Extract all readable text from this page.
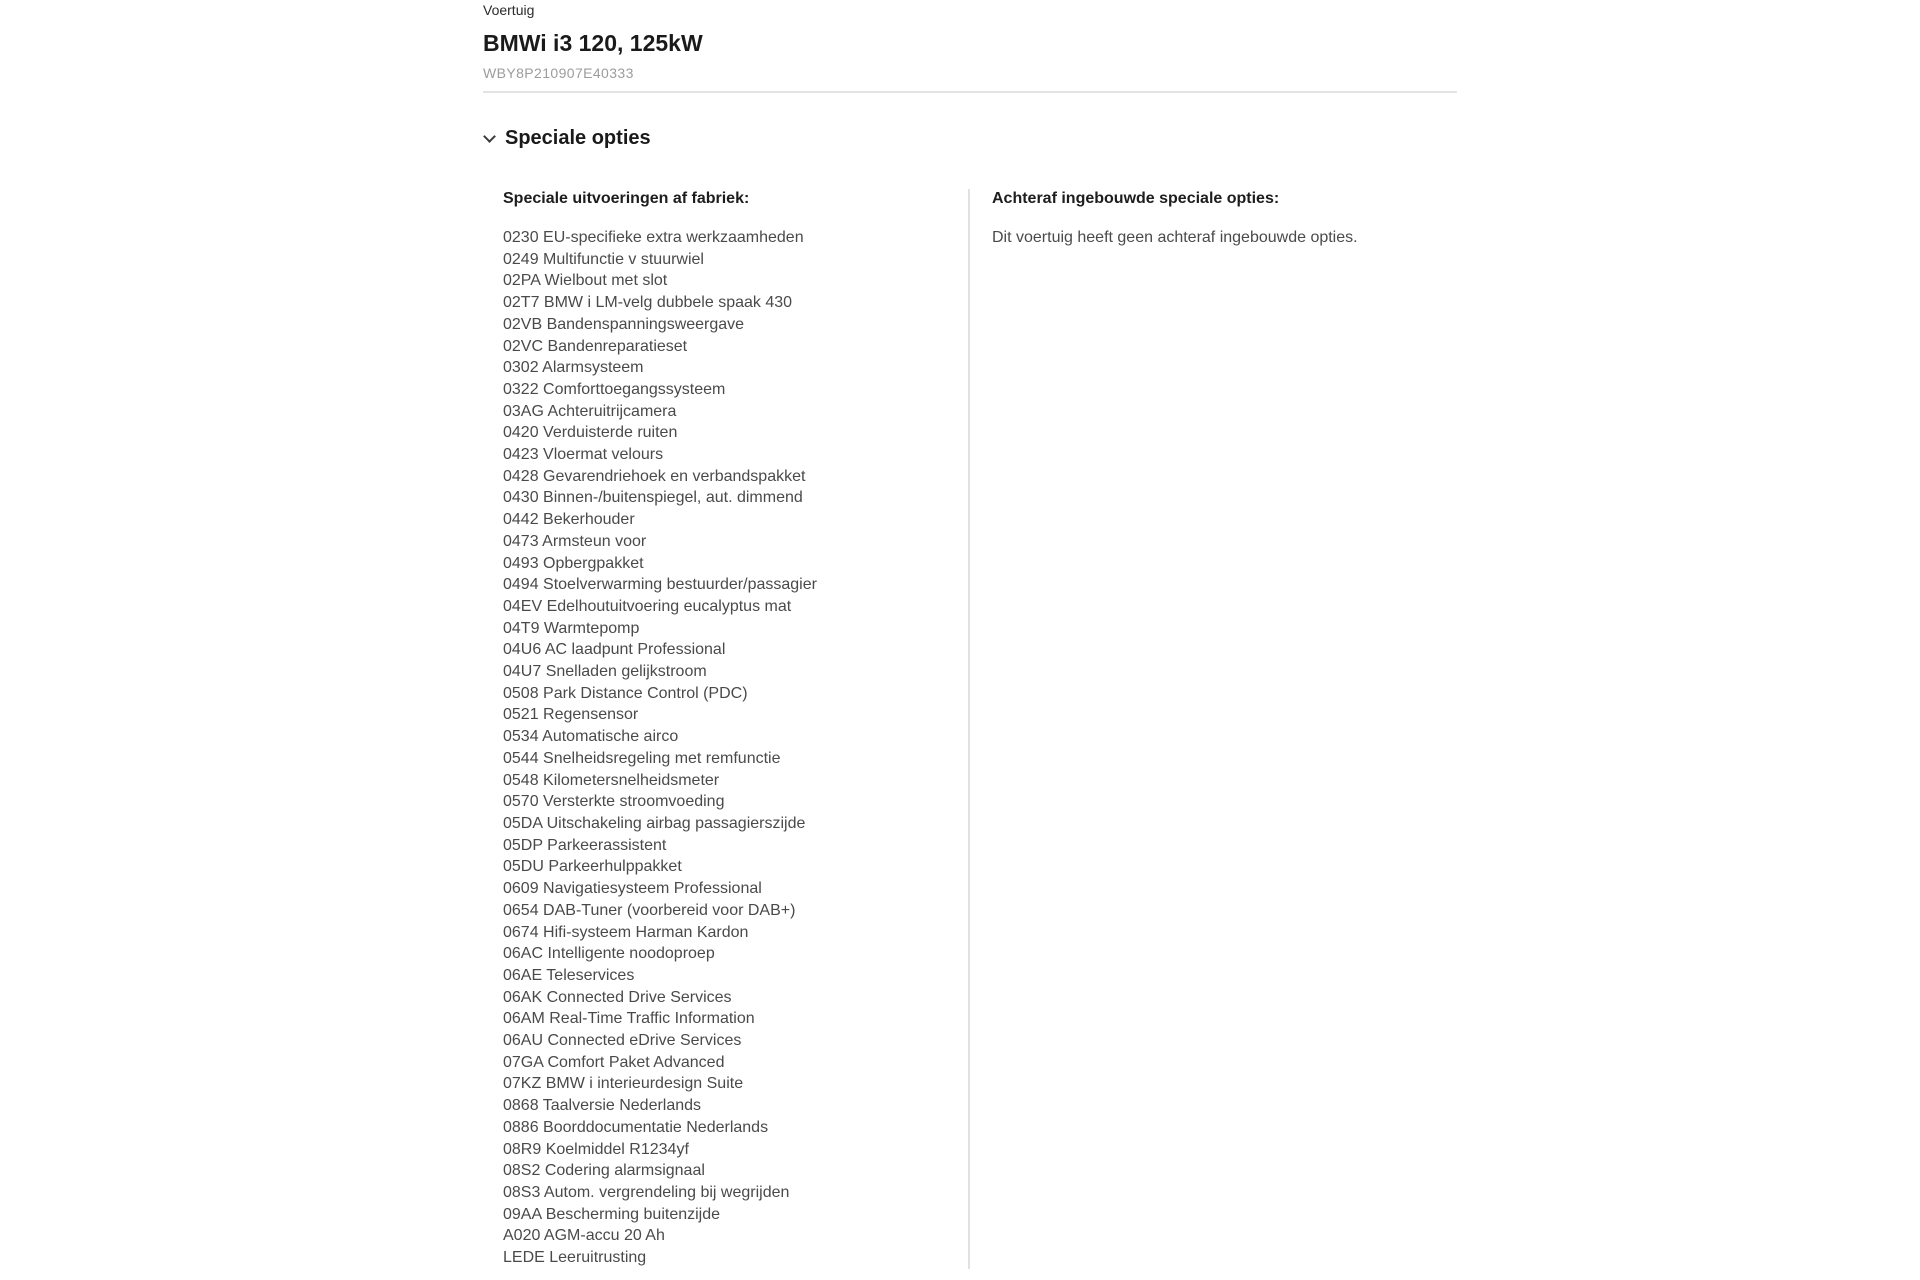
Voertuig
BMWi i3 120, 125kW
WBY8P210907E40333
Speciale opties
Speciale uitvoeringen af fabriek:
0230 EU-specifieke extra werkzaamheden
0249 Multifunctie v stuurwiel
02PA Wielbout met slot
02T7 BMW i LM-velg dubbele spaak 430
02VB Bandenspanningsweergave
02VC Bandenreparatieset
0302 Alarmsysteem
0322 Comforttoegangssysteem
03AG Achteruitrijcamera
0420 Verduisterde ruiten
0423 Vloermat velours
0428 Gevarendriehoek en verbandspakket
0430 Binnen-/buitenspiegel, aut. dimmend
0442 Bekerhouder
0473 Armsteun voor
0493 Opbergpakket
0494 Stoelverwarming bestuurder/passagier
04EV Edelhoutuitvoering eucalyptus mat
04T9 Warmtepomp
04U6 AC laadpunt Professional
04U7 Snelladen gelijkstroom
0508 Park Distance Control (PDC)
0521 Regensensor
0534 Automatische airco
0544 Snelheidsregeling met remfunctie
0548 Kilometersnelheidsmeter
0570 Versterkte stroomvoeding
05DA Uitschakeling airbag passagierszijde
05DP Parkeerassistent
05DU Parkeerhulppakket
0609 Navigatiesysteem Professional
0654 DAB-Tuner (voorbereid voor DAB+)
0674 Hifi-systeem Harman Kardon
06AC Intelligente noodoproep
06AE Teleservices
06AK Connected Drive Services
06AM Real-Time Traffic Information
06AU Connected eDrive Services
07GA Comfort Paket Advanced
07KZ BMW i interieurdesign Suite
0868 Taalversie Nederlands
0886 Boorddocumentatie Nederlands
08R9 Koelmiddel R1234yf
08S2 Codering alarmsignaal
08S3 Autom. vergrendeling bij wegrijden
09AA Bescherming buitenzijde
A020 AGM-accu 20 Ah
LEDE Leeruitrusting
Achteraf ingebouwde speciale opties:
Dit voertuig heeft geen achteraf ingebouwde opties.
